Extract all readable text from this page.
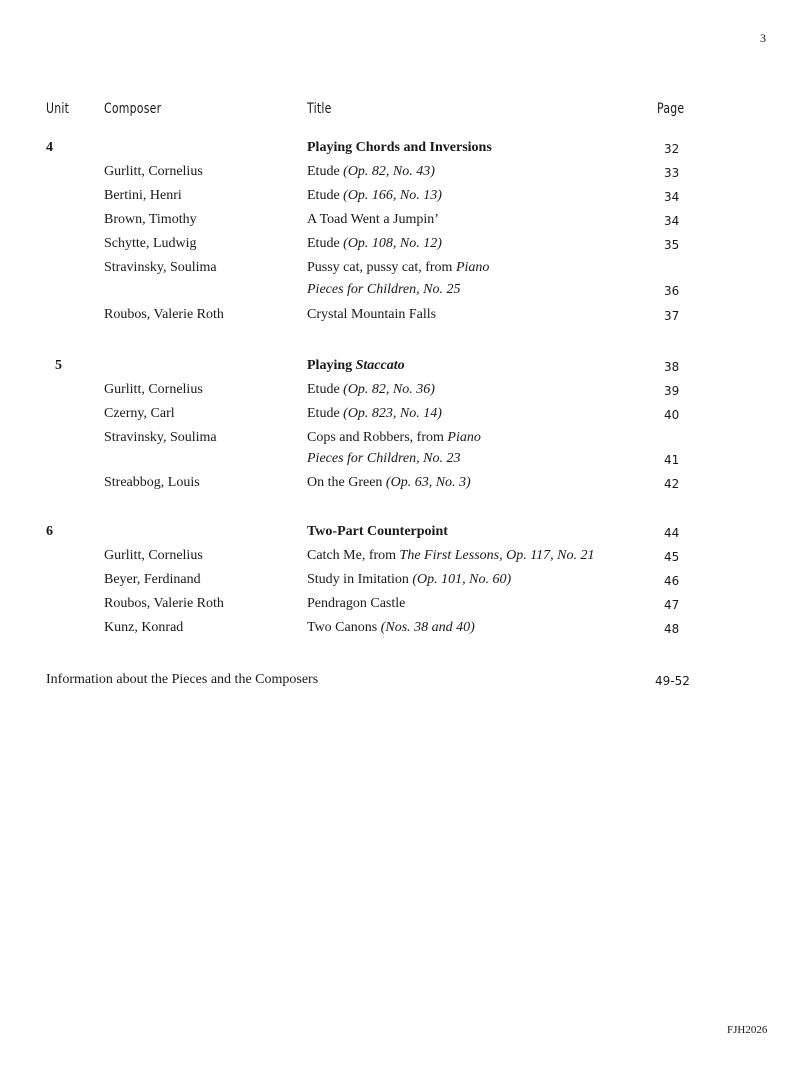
3
Unit Composer	Title	Page
4	Playing Chords and Inversions	32
Gurlitt, Cornelius	Etude (Op. 82, No. 43)	33
Bertini, Henri	Etude (Op. 166, No. 13)	34
Brown, Timothy	A Toad Went a Jumpin’	34
Schytte, Ludwig	Etude (Op. 108, No. 12)	35
Stravinsky, Soulima	Pussy cat, pussy cat, from Piano
Pieces for Children, No. 25	36
Roubos, Valerie Roth	Crystal Mountain Falls	37
5	Playing Staccato	38
Gurlitt, Cornelius	Etude (Op. 82, No. 36)	39
Czerny, Carl	Etude (Op. 823, No. 14)	40
Stravinsky, Soulima	Cops and Robbers, from Piano
Pieces for Children, No. 23	41
Streabbog, Louis	On the Green (Op. 63, No. 3)	42
6	Two-Part Counterpoint	44
Gurlitt, Cornelius	Catch Me, from The First Lessons, Op. 117, No. 21	45
Beyer, Ferdinand	Study in Imitation (Op. 101, No. 60)	46
Roubos, Valerie Roth	Pendragon Castle	47
Kunz, Konrad	Two Canons (Nos. 38 and 40)	48
Information about the Pieces and the Composers	49-52
FJH2026
